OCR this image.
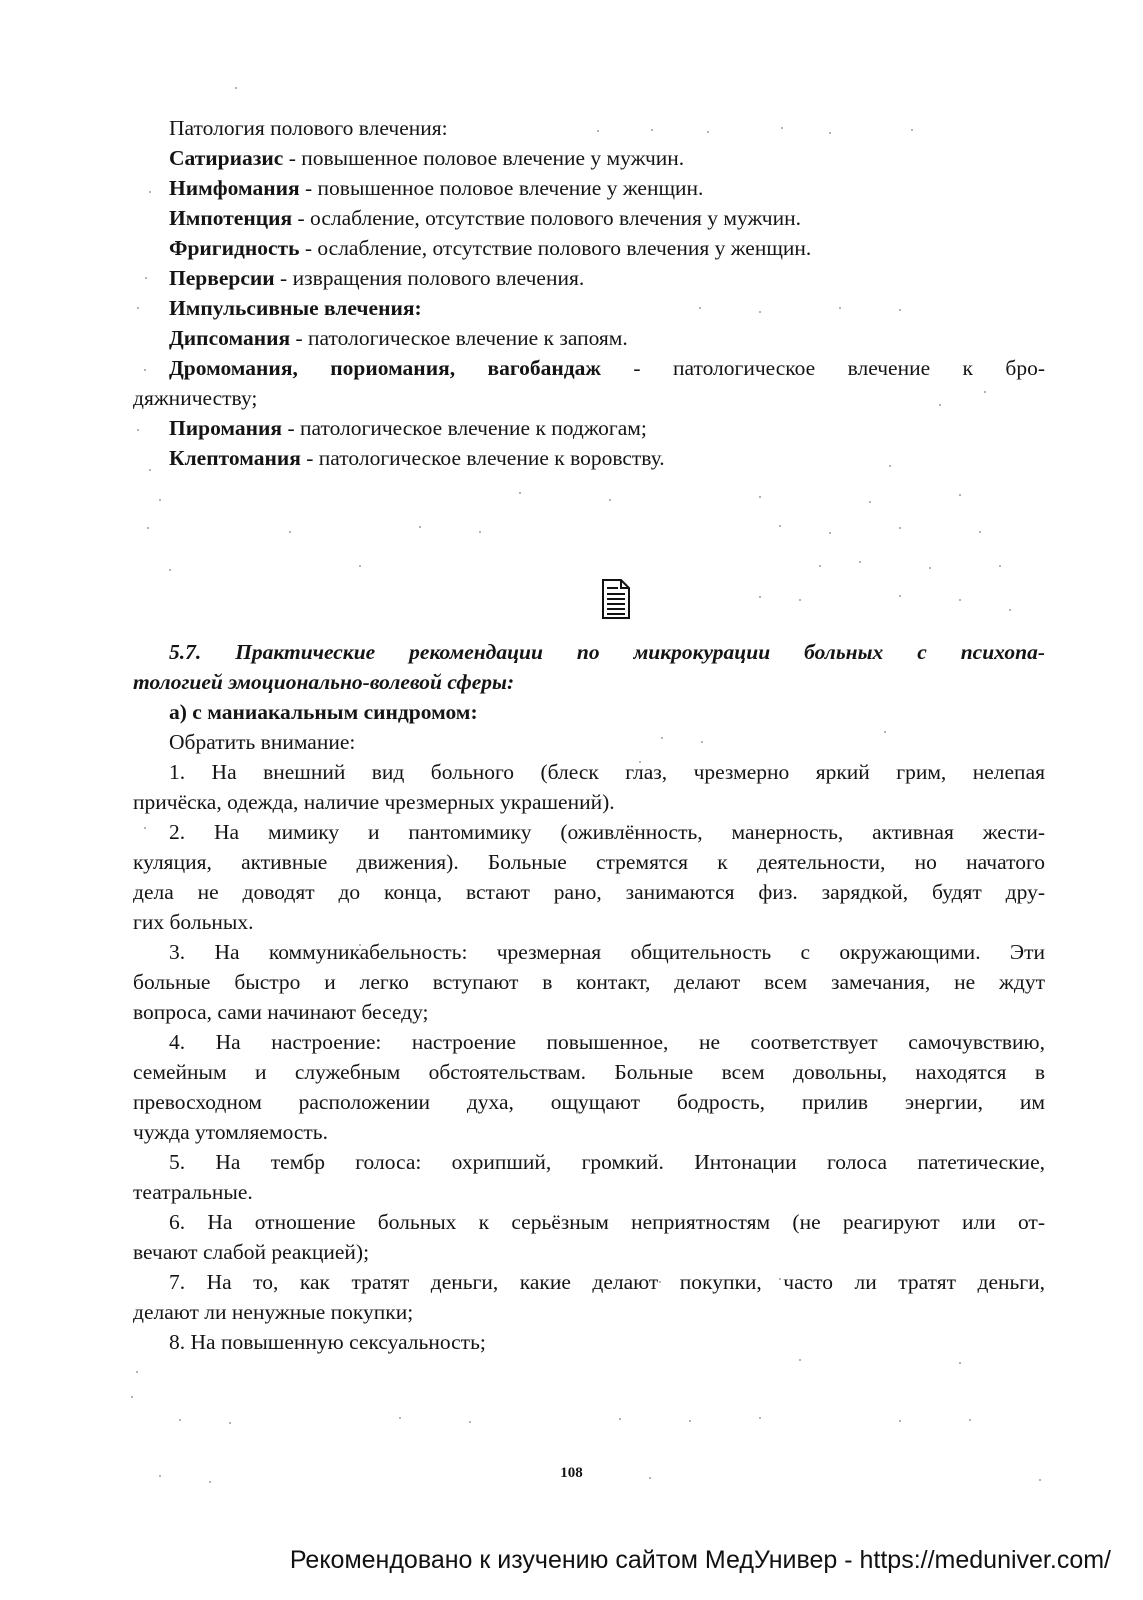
Патология полового влечения:
Сатириазис - повышенное половое влечение у мужчин.
Нимфомания - повышенное половое влечение у женщин.
Импотенция - ослабление, отсутствие полового влечения у мужчин.
Фригидность - ослабление, отсутствие полового влечения у женщин.
Перверсии - извращения полового влечения.
Импульсивные влечения:
Дипсомания - патологическое влечение к запоям.
Дромомания, пориомания, вагобандаж - патологическое влечение к бро-
дяжничеству;
Пиромания - патологическое влечение к поджогам;
Клептомания - патологическое влечение к воровству.
5.7. Практические рекомендации по микрокурации больных с психопа-
тологией эмоционально-волевой сферы:
а) с маниакальным синдромом:
Обратить внимание:
1. На внешний вид больного (блеск глаз, чрезмерно яркий грим, нелепая
причёска, одежда, наличие чрезмерных украшений).
2. На мимику и пантомимику (оживлённость, манерность, активная жести-
куляция, активные движения). Больные стремятся к деятельности, но начатого
дела не доводят до конца, встают рано, занимаются физ. зарядкой, будят дру-
гих больных.
3. На коммуникабельность: чрезмерная общительность с окружающими. Эти
больные быстро и легко вступают в контакт, делают всем замечания, не ждут
вопроса, сами начинают беседу;
4. На настроение: настроение повышенное, не соответствует самочувствию,
семейным и служебным обстоятельствам. Больные всем довольны, находятся в
превосходном расположении духа, ощущают бодрость, прилив энергии, им
чужда утомляемость.
5. На тембр голоса: охрипший, громкий. Интонации голоса патетические,
театральные.
6. На отношение больных к серьёзным неприятностям (не реагируют или от-
вечают слабой реакцией);
7. На то, как тратят деньги, какие делают покупки, часто ли тратят деньги,
делают ли ненужные покупки;
8. На повышенную сексуальность;
108
Рекомендовано к изучению сайтом МедУнивер - https://meduniver.com/
